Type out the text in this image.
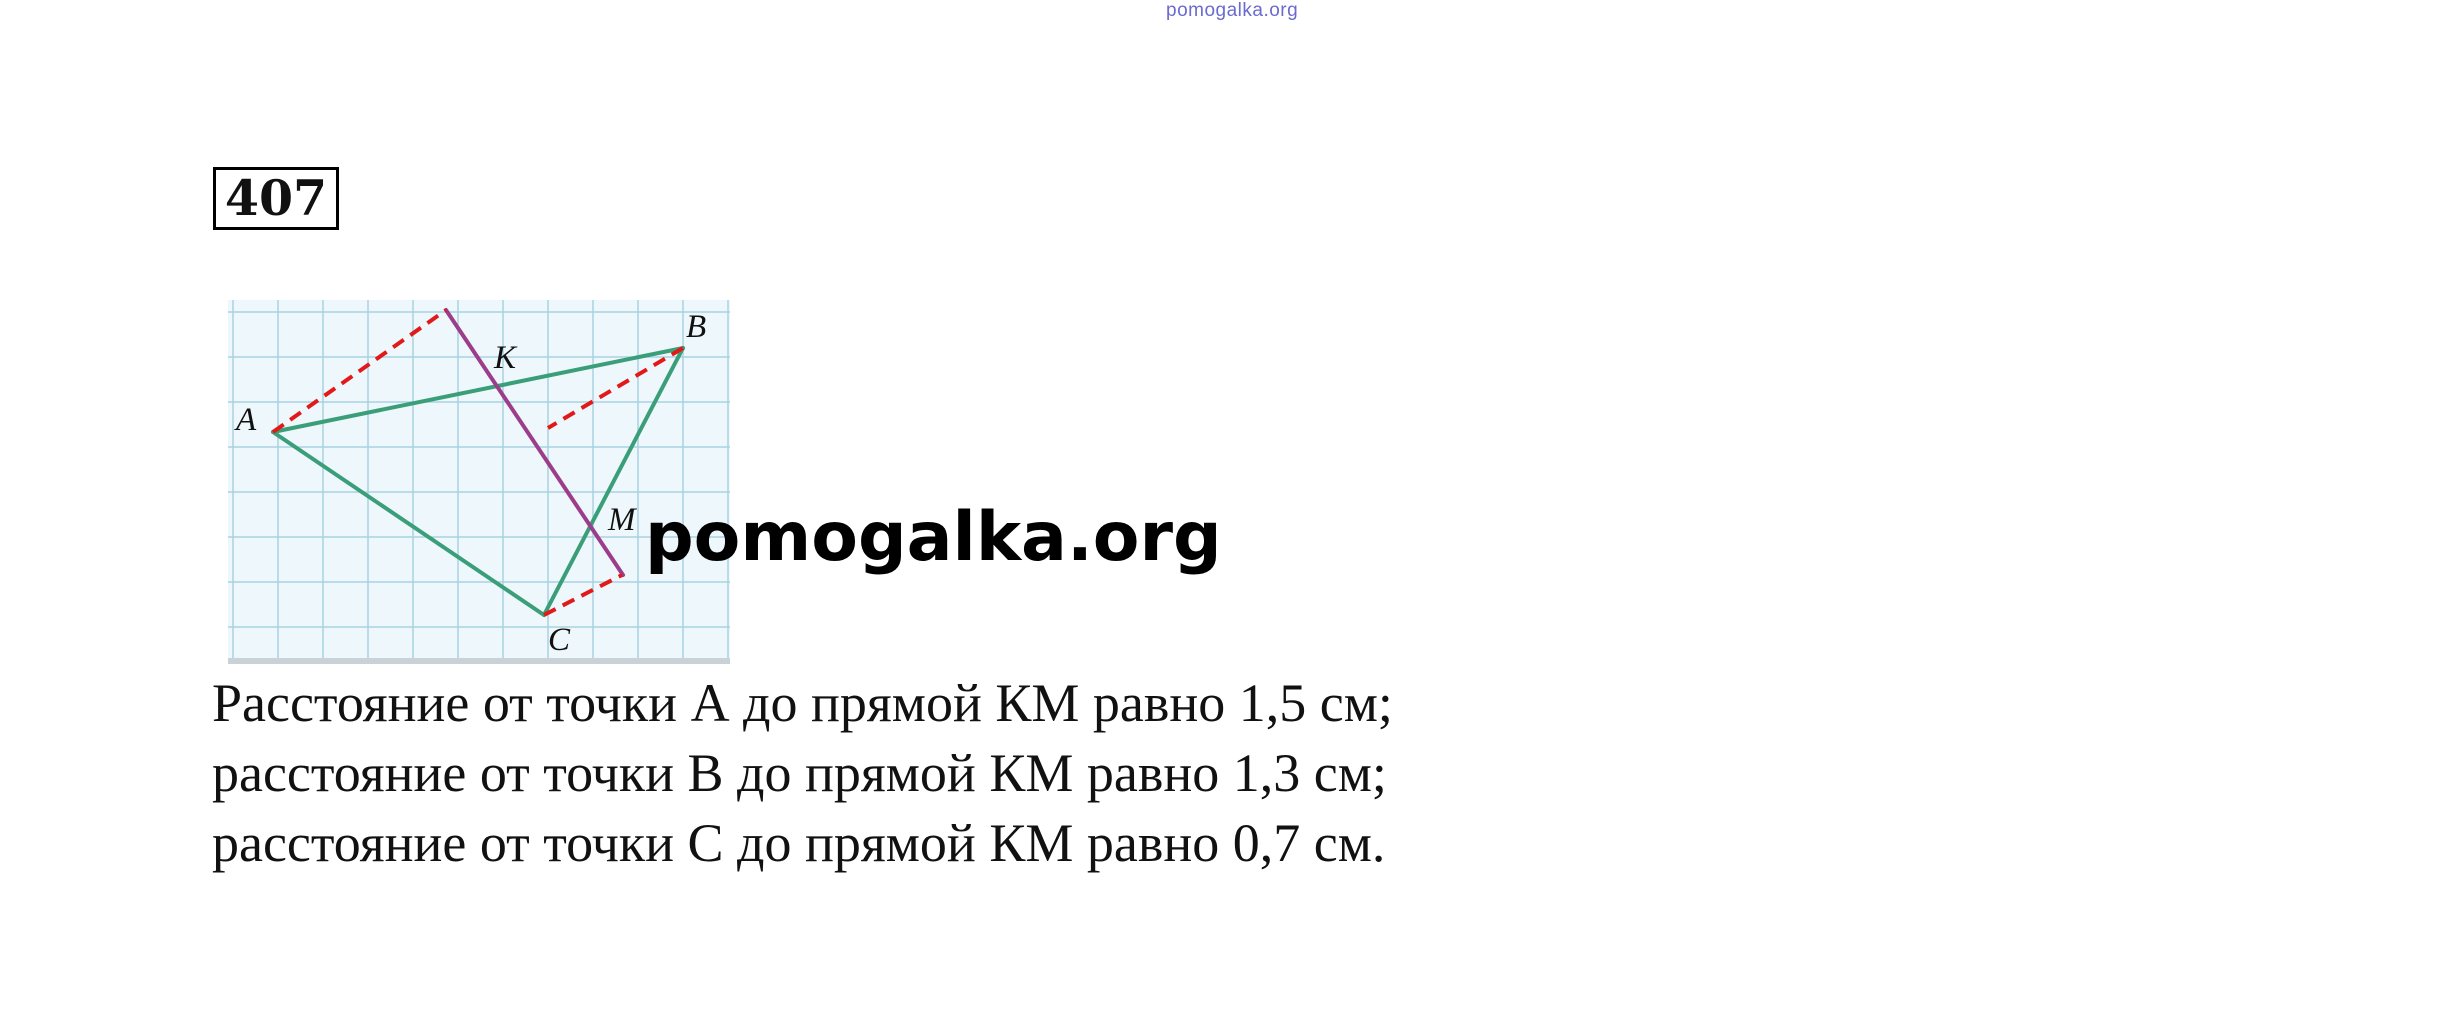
pomogalka.org
407
A
B
C
K
M pomogalka.org
Расстояние от точки А до прямой КМ равно 1,5 см;
расстояние от точки В до прямой КМ равно 1,3 см;
расстояние от точки С до прямой КМ равно 0,7 см.
